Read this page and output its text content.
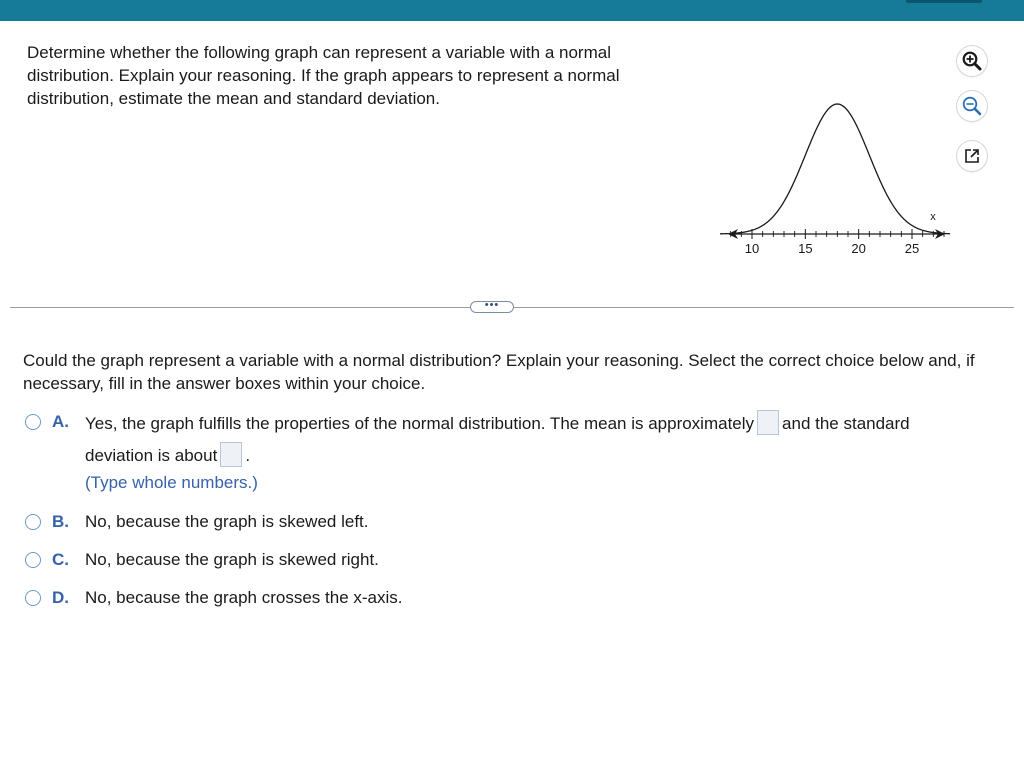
Determine whether the following graph can represent a variable with a normal distribution. Explain your reasoning. If the graph appears to represent a normal distribution, estimate the mean and standard deviation.

10	15	20	25
x
•••

Could the graph represent a variable with a normal distribution? Explain your reasoning. Select the correct choice below and, if necessary, fill in the answer boxes within your choice.

A. Yes, the graph fulfills the properties of the normal distribution. The mean is approximately and the standard
deviation is about .
(Type whole numbers.)
B. No, because the graph is skewed left.
C. No, because the graph is skewed right.
D. No, because the graph crosses the x-axis.
